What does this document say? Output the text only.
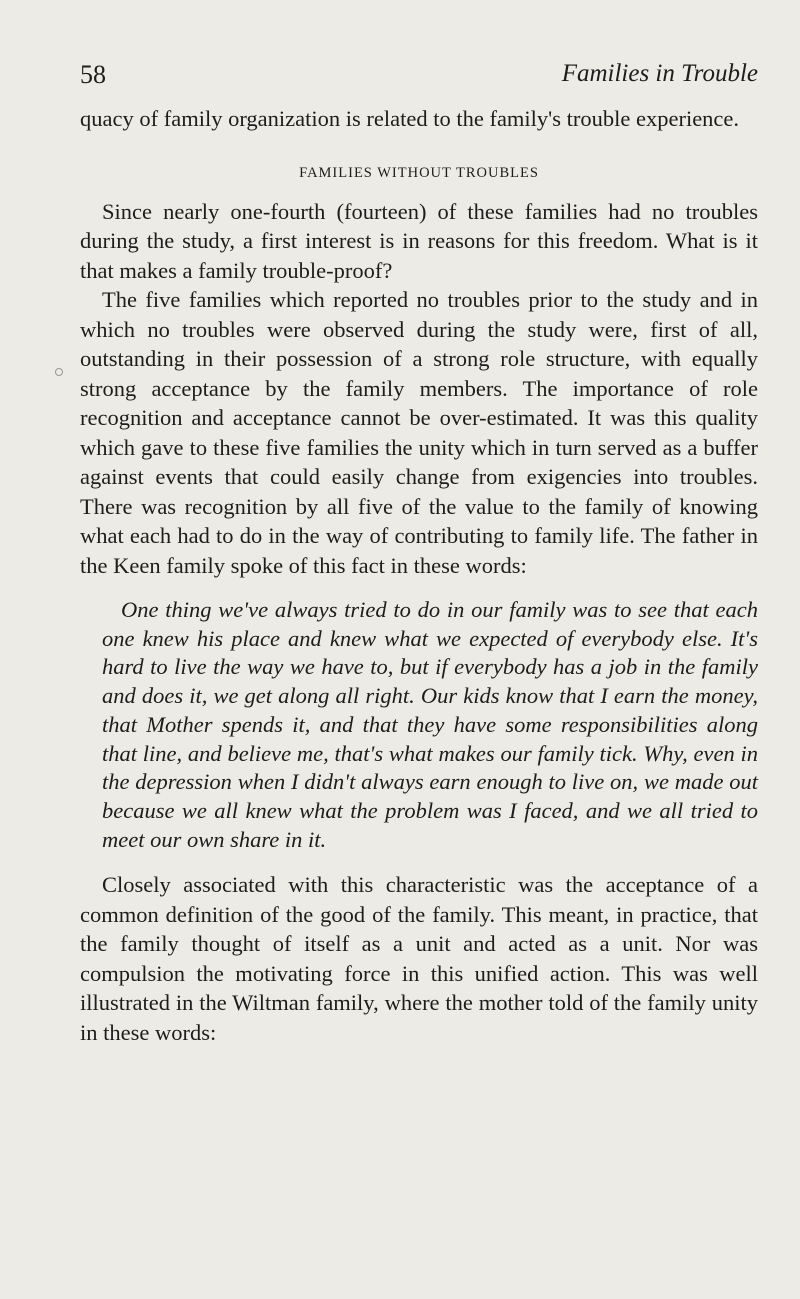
58	Families in Trouble

quacy of family organization is related to the family's trouble experience.

FAMILIES WITHOUT TROUBLES

Since nearly one-fourth (fourteen) of these families had no troubles during the study, a first interest is in reasons for this freedom. What is it that makes a family trouble-proof?

The five families which reported no troubles prior to the study and in which no troubles were observed during the study were, first of all, outstanding in their possession of a strong role structure, with equally strong acceptance by the family members. The importance of role recognition and acceptance cannot be over-estimated. It was this quality which gave to these five families the unity which in turn served as a buffer against events that could easily change from exigencies into troubles. There was recognition by all five of the value to the family of knowing what each had to do in the way of contributing to family life. The father in the Keen family spoke of this fact in these words:

One thing we've always tried to do in our family was to see that each one knew his place and knew what we expected of everybody else. It's hard to live the way we have to, but if everybody has a job in the family and does it, we get along all right. Our kids know that I earn the money, that Mother spends it, and that they have some responsibilities along that line, and believe me, that's what makes our family tick. Why, even in the depression when I didn't always earn enough to live on, we made out because we all knew what the problem was I faced, and we all tried to meet our own share in it.

Closely associated with this characteristic was the acceptance of a common definition of the good of the family. This meant, in practice, that the family thought of itself as a unit and acted as a unit. Nor was compulsion the motivating force in this unified action. This was well illustrated in the Wiltman family, where the mother told of the family unity in these words:
